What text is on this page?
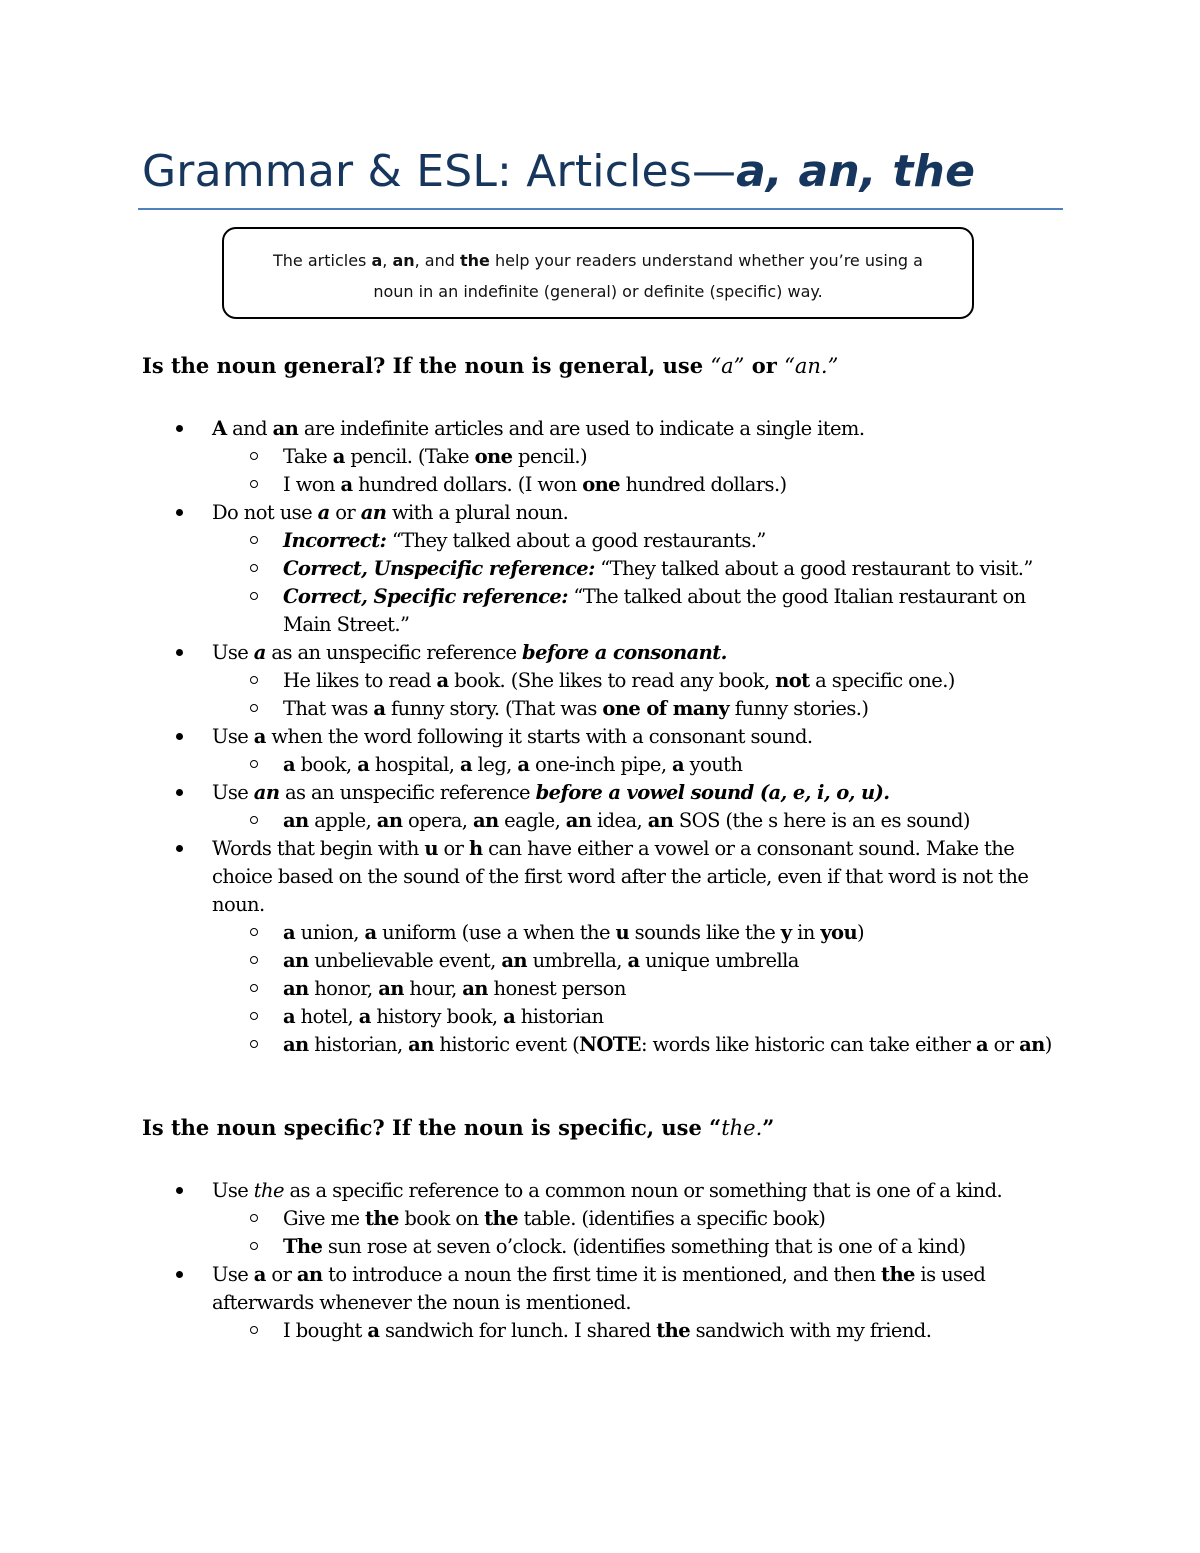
Grammar & ESL: Articles—a, an, the

The articles a, an, and the help your readers understand whether you’re using a

noun in an indefinite (general) or definite (specific) way.

Is the noun general? If the noun is general, use “a” or “an.”
A and an are indefinite articles and are used to indicate a single item.
Take a pencil. (Take one pencil.)
I won a hundred dollars. (I won one hundred dollars.)
Do not use a or an with a plural noun.
Incorrect: “They talked about a good restaurants.”
Correct, Unspecific reference: “They talked about a good restaurant to visit.”
Correct, Specific reference: “The talked about the good Italian restaurant on Main Street.”
Use a as an unspecific reference before a consonant.
He likes to read a book. (She likes to read any book, not a specific one.)
That was a funny story. (That was one of many funny stories.)
Use a when the word following it starts with a consonant sound.
a book, a hospital, a leg, a one-inch pipe, a youth
Use an as an unspecific reference before a vowel sound (a, e, i, o, u).
an apple, an opera, an eagle, an idea, an SOS (the s here is an es sound)
Words that begin with u or h can have either a vowel or a consonant sound. Make the choice based on the sound of the first word after the article, even if that word is not the noun.
a union, a uniform (use a when the u sounds like the y in you)
an unbelievable event, an umbrella, a unique umbrella
an honor, an hour, an honest person
a hotel, a history book, a historian
an historian, an historic event (NOTE: words like historic can take either a or an)
Is the noun specific? If the noun is specific, use “the.”
Use the as a specific reference to a common noun or something that is one of a kind.
Give me the book on the table. (identifies a specific book)
The sun rose at seven o’clock. (identifies something that is one of a kind)
Use a or an to introduce a noun the first time it is mentioned, and then the is used afterwards whenever the noun is mentioned.
I bought a sandwich for lunch. I shared the sandwich with my friend.
